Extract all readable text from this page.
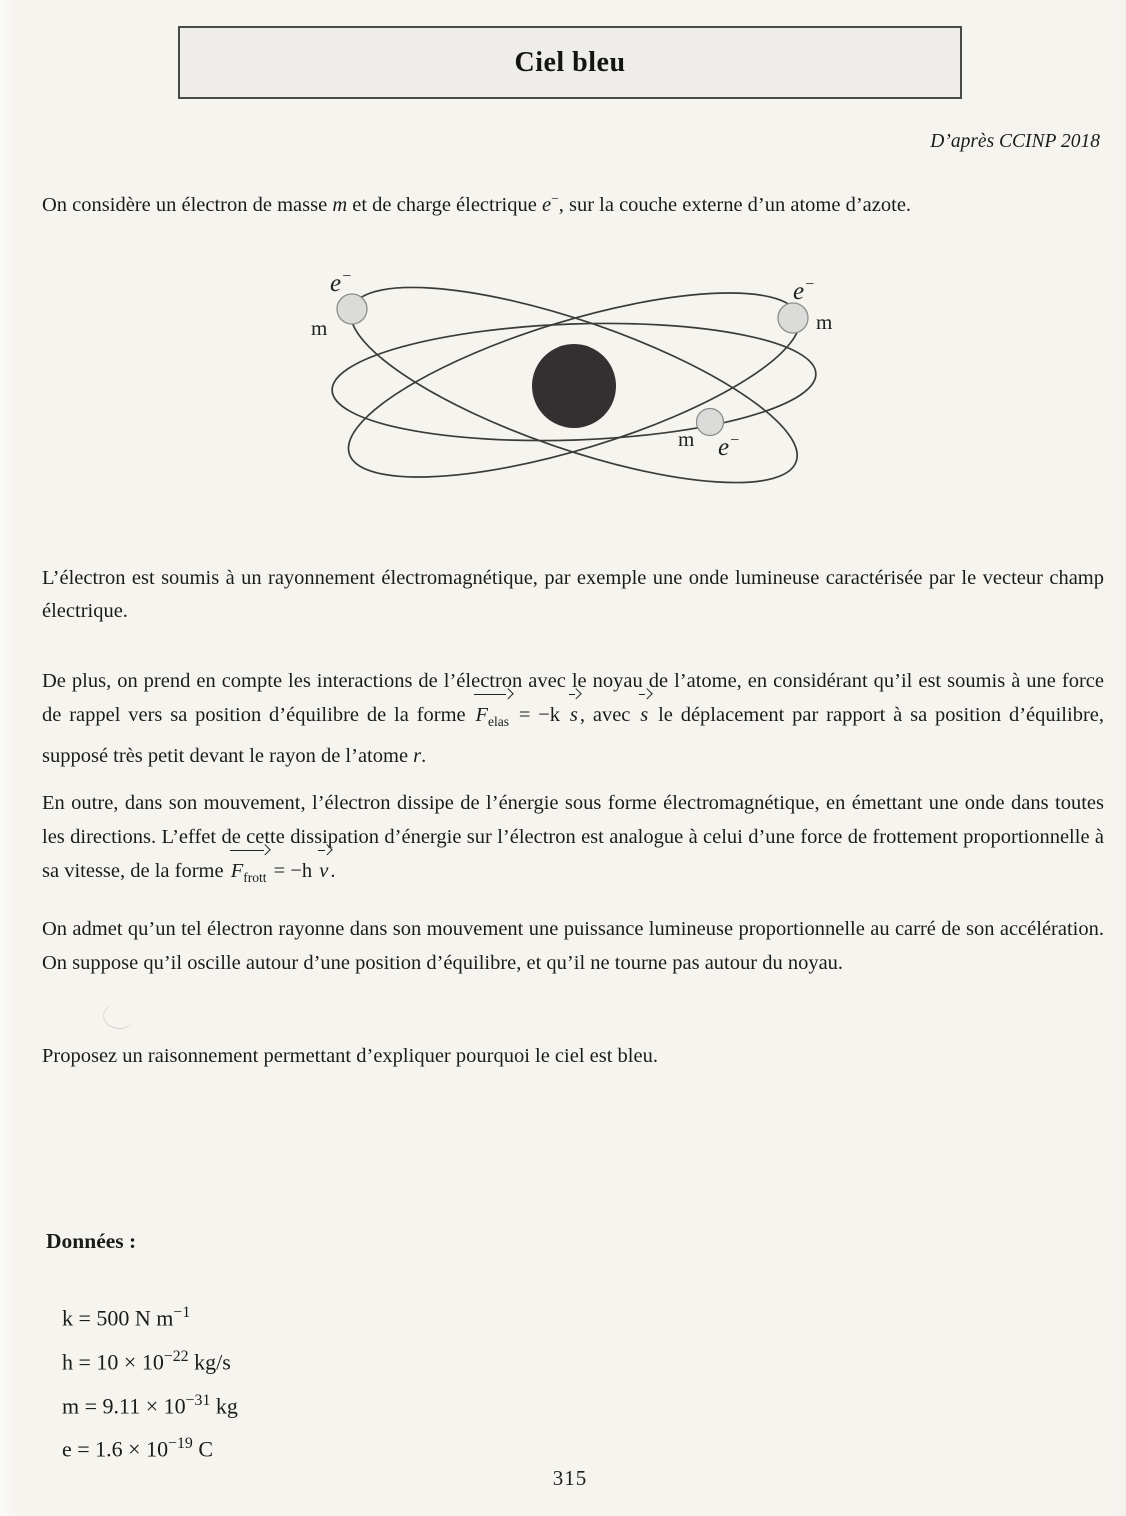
Ciel bleu
D’après CCINP 2018

On considère un électron de masse m et de charge électrique e−, sur la couche externe d’un atome d’azote.

e−
m
e−
m
m e−

L’électron est soumis à un rayonnement électromagnétique, par exemple une onde lumineuse caractérisée par le vecteur champ électrique.

De plus, on prend en compte les interactions de l’électron avec le noyau de l’atome, en considérant qu’il est soumis à une force de rappel vers sa position d’équilibre de la forme $F_{elas} = -k$ s, avec s le déplacement par rapport à sa position d’équilibre, supposé très petit devant le rayon de l’atome r.

En outre, dans son mouvement, l’électron dissipe de l’énergie sous forme électromagnétique, en émettant une onde dans toutes les directions. L’effet de cette dissipation d’énergie sur l’électron est analogue à celui d’une force de frottement proportionnelle à sa vitesse, de la forme $F_{frott} = -h$ v.

On admet qu’un tel électron rayonne dans son mouvement une puissance lumineuse proportionnelle au carré de son accélération. On suppose qu’il oscille autour d’une position d’équilibre, et qu’il ne tourne pas autour du noyau.

Proposez un raisonnement permettant d’expliquer pourquoi le ciel est bleu.

Données :
k = 500 N $m^{-1}$
$h = 10 \times 10^{-22}$ kg/s
$m = 9.11 \times 10^{-31}$ kg
$e = 1.6 \times 10^{-19}$ C
315
